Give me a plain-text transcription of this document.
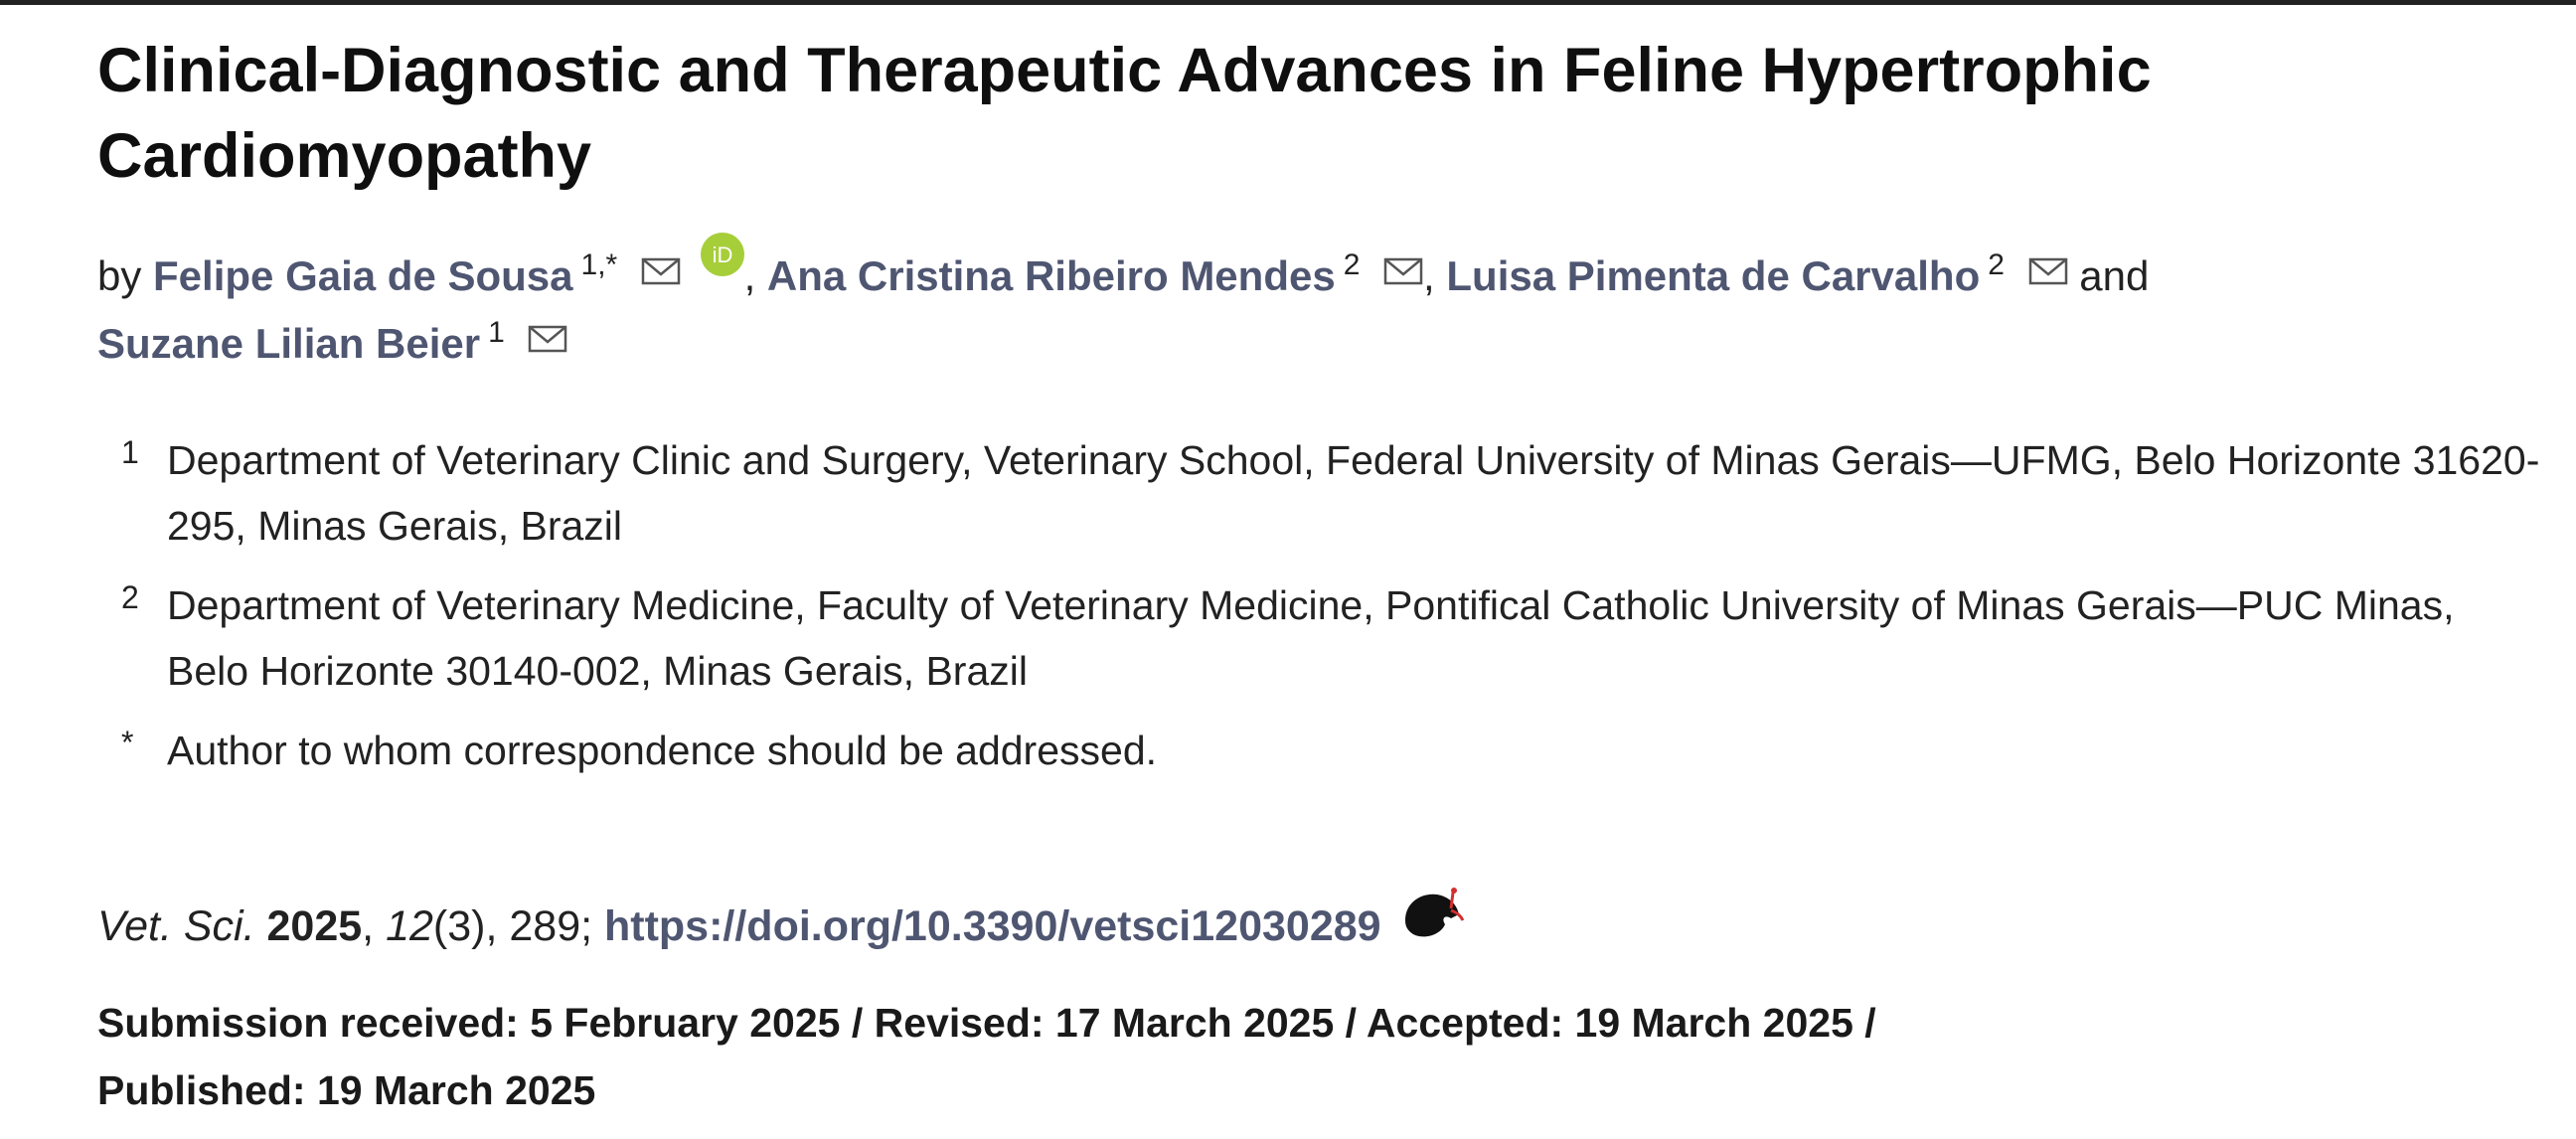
Clinical-Diagnostic and Therapeutic Advances in Feline Hypertrophic Cardiomyopathy
by Felipe Gaia de Sousa $^{1,*}$	iD , Ana Cristina Ribeiro Mendes $^2$ , Luisa Pimenta de Carvalho $^2$ and
Suzane Lilian Beier $^1$
1 Department of Veterinary Clinic and Surgery, Veterinary School, Federal University of Minas Gerais—UFMG, Belo Horizonte 31620-295, Minas Gerais, Brazil
2 Department of Veterinary Medicine, Faculty of Veterinary Medicine, Pontifical Catholic University of Minas Gerais—PUC Minas, Belo Horizonte 30140-002, Minas Gerais, Brazil
* Author to whom correspondence should be addressed.
Vet. Sci. 2025, 12(3), 289; https://doi.org/10.3390/vetsci12030289
Submission received: 5 February 2025 / Revised: 17 March 2025 / Accepted: 19 March 2025 /
Published: 19 March 2025
